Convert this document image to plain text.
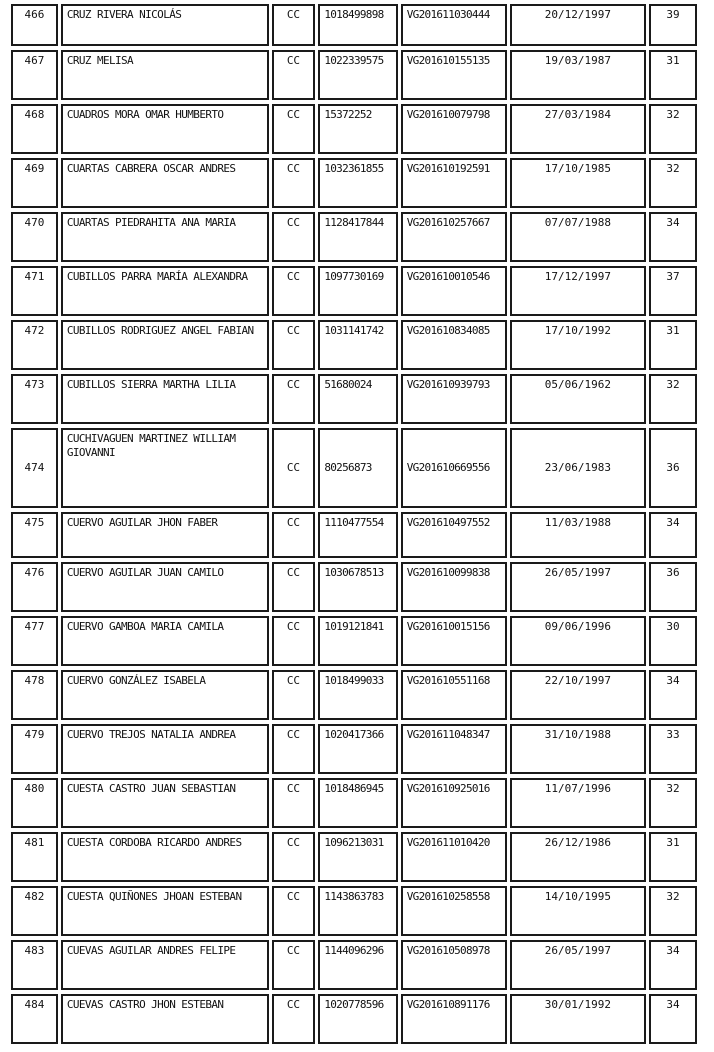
466	CRUZ RIVERA NICOLÁS	CC	1018499898	VG201611030444	20/12/1997	39
467	CRUZ MELISA	CC	1022339575	VG201610155135	19/03/1987	31
468	CUADROS MORA OMAR HUMBERTO	CC	15372252	VG201610079798	27/03/1984	32
469	CUARTAS CABRERA OSCAR ANDRES	CC	1032361855	VG201610192591	17/10/1985	32
470	CUARTAS PIEDRAHITA ANA MARIA	CC	1128417844	VG201610257667	07/07/1988	34
471	CUBILLOS PARRA MARÍA ALEXANDRA	CC	1097730169	VG201610010546	17/12/1997	37
472	CUBILLOS RODRIGUEZ ANGEL FABIAN	CC	1031141742	VG201610834085	17/10/1992	31
473	CUBILLOS SIERRA MARTHA LILIA	CC	51680024	VG201610939793	05/06/1962	32
474	CUCHIVAGUEN MARTINEZ WILLIAM GIOVANNI	CC	80256873	VG201610669556	23/06/1983	36
475	CUERVO AGUILAR JHON FABER	CC	1110477554	VG201610497552	11/03/1988	34
476	CUERVO AGUILAR JUAN CAMILO	CC	1030678513	VG201610099838	26/05/1997	36
477	CUERVO GAMBOA MARIA CAMILA	CC	1019121841	VG201610015156	09/06/1996	30
478	CUERVO GONZÁLEZ ISABELA	CC	1018499033	VG201610551168	22/10/1997	34
479	CUERVO TREJOS NATALIA ANDREA	CC	1020417366	VG201611048347	31/10/1988	33
480	CUESTA CASTRO JUAN SEBASTIAN	CC	1018486945	VG201610925016	11/07/1996	32
481	CUESTA CORDOBA RICARDO ANDRES	CC	1096213031	VG201611010420	26/12/1986	31
482	CUESTA QUIÑONES JHOAN ESTEBAN	CC	1143863783	VG201610258558	14/10/1995	32
483	CUEVAS AGUILAR ANDRES FELIPE	CC	1144096296	VG201610508978	26/05/1997	34
484	CUEVAS CASTRO JHON ESTEBAN	CC	1020778596	VG201610891176	30/01/1992	34
